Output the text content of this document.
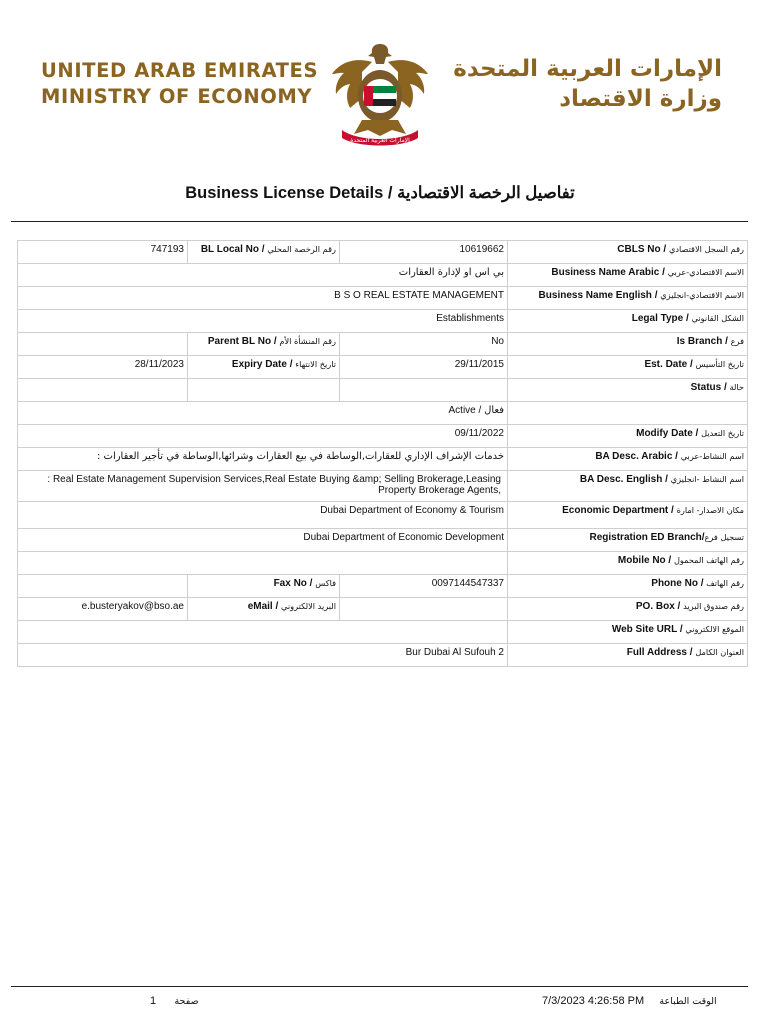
UNITED ARAB EMIRATES
MINISTRY OF ECONOMY
الإمارات العربية المتحدة
الإمارات العربية المتحدة
وزارة الاقتصاد
Business License Details / تفاصيل الرخصة الاقتصادية
747193	BL Local No / رقم الرخصة المحلي	10619662	CBLS No / رقم السجل الاقتصادي
بي اس او لإدارة العقارات			Business Name Arabic / الاسم الاقتصادي-عربي
B S O REAL ESTATE MANAGEMENT			Business Name English / الاسم الاقتصادي-انجليزي
Establishments			Legal Type / الشكل القانوني
	Parent BL No / رقم المنشأة الأم	No	Is Branch / فرع
28/11/2023	Expiry Date / تاريخ الانتهاء	29/11/2015	Est. Date / تاريخ التأسيس
			Status / حالة
Active / فعال			
09/11/2022			Modify Date / تاريخ التعديل
خدمات الإشراف الإداري للعقارات,الوساطة في بيع العقارات وشرائها,الوساطة في تأجير العقارات :			BA Desc. Arabic / اسم النشاط-عربي
: Real Estate Management Supervision Services,Real Estate Buying &amp; Selling Brokerage,Leasing Property Brokerage Agents,			BA Desc. English / اسم النشاط -انجليزي
Dubai Department of Economy & Tourism			Economic Department / مكان الاصدار- امارة
Dubai Department of Economic Development			Registration ED Branch/تسجيل فرع
			Mobile No / رقم الهاتف المحمول
	Fax No / فاكس	0097144547337	Phone No / رقم الهاتف
e.busteryakov@bso.ae	eMail / البريد الالكتروني		PO. Box / رقم صندوق البريد
			Web Site URL / الموقع الالكتروني
Bur Dubai Al Sufouh 2			Full Address / العنوان الكامل
1 صفحة	7/3/2023 4:26:58 PM الوقت الطباعة
